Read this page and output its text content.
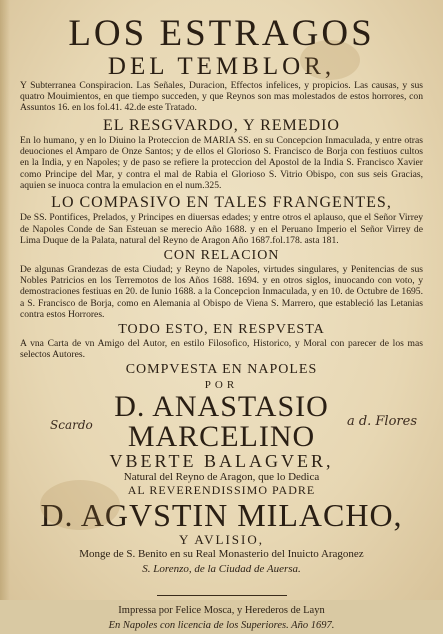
LOS ESTRAGOS

DEL TEMBLOR,

Y Subterranea Conspiracion. Las Señales, Duracion, Effectos infelices, y propicios. Las causas, y sus quatro Mouimientos, en que tiempo succeden, y que Reynos son mas molestados de estos horrores, con Assuntos 16. en los fol.41. 42.de este Tratado.

EL RESGVARDO, Y REMEDIO

En lo humano, y en lo Diuino la Proteccion de MARIA SS. en su Concepcion Inmaculada, y entre otras deuociones el Amparo de Onze Santos; y de ellos el Glorioso S. Francisco de Borja con festiuos cultos en la India, y en Napoles; y de paso se refiere la proteccion del Apostol de la India S. Francisco Xavier como Principe del Mar, y contra el mal de Rabia el Glorioso S. Vitrio Obispo, con sus seis Gracias, aquien se inuoca contra la emulacion en el num.325.

LO COMPASIVO EN TALES FRANGENTES,

De SS. Pontifices, Prelados, y Principes en diuersas edades; y entre otros el aplauso, que el Señor Virrey de Napoles Conde de San Esteuan se merecio Año 1688. y en el Peruano Imperio el Señor Virrey de Lima Duque de la Palata, natural del Reyno de Aragon Año 1687.fol.178. asta 181.

CON RELACION

De algunas Grandezas de esta Ciudad; y Reyno de Napoles, virtudes singulares, y Penitencias de sus Nobles Patricios en los Terremotos de los Años 1688. 1694. y en otros siglos, inuocando con voto, y demostraciones festiuas en 20. de Iunio 1688. a la Concepcion Inmaculada, y en 10. de Octubre de 1695. a S. Francisco de Borja, como en Alemania al Obispo de Viena S. Marrero, que estableció las Letanias contra estos Horrores.

TODO ESTO, EN RESPVESTA

A vna Carta de vn Amigo del Autor, en estilo Filosofico, Historico, y Moral con parecer de los mas selectos Autores.

COMPVESTA EN NAPOLES

POR

D. ANASTASIO MARCELINO

VBERTE BALAGVER,

Natural del Reyno de Aragon, que lo Dedica

AL REVERENDISSIMO PADRE

D. AGVSTIN MILACHO,

Y AVLISIO,

Monge de S. Benito en su Real Monasterio del Inuicto Aragonez

S. Lorenzo, de la Ciudad de Auersa.

Impressa por Felice Mosca, y Herederos de Layn

En Napoles con licencia de los Superiores. Año 1697.

Scardo	a d. Flores
